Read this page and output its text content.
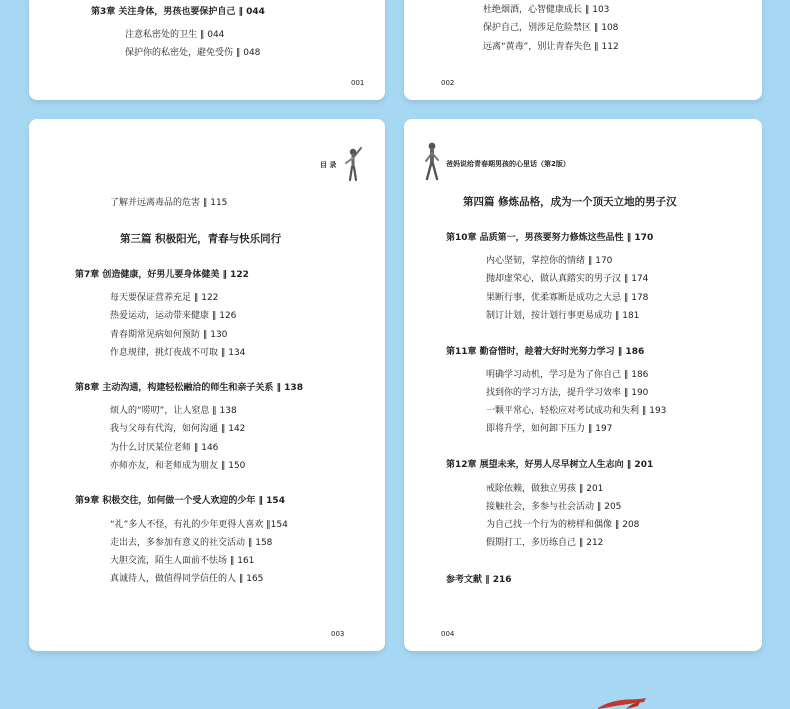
第3章 关注身体，男孩也要保护自己 ‖ 044
注意私密处的卫生 ‖ 044
保护你的私密处，避免受伤 ‖ 048
001
杜绝烟酒，心智健康成长 ‖ 103
保护自己，别涉足危险禁区 ‖ 108
远离“黄毒”，别让青春失色 ‖ 112
002
目 录
了解并远离毒品的危害 ‖ 115
第三篇 积极阳光，青春与快乐同行
第7章 创造健康，好男儿要身体健美 ‖ 122
每天要保证营养充足 ‖ 122
热爱运动，运动带来健康 ‖ 126
青春期常见病如何预防 ‖ 130
作息规律，挑灯夜战不可取 ‖ 134
第8章 主动沟通，构建轻松融洽的师生和亲子关系 ‖ 138
烦人的“唠叨”，让人窒息 ‖ 138
我与父母有代沟，如何沟通 ‖ 142
为什么讨厌某位老师 ‖ 146
亦师亦友，和老师成为朋友 ‖ 150
第9章 积极交往，如何做一个受人欢迎的少年 ‖ 154
“礼”多人不怪，有礼的少年更得人喜欢 ‖154
走出去，多参加有意义的社交活动 ‖ 158
大胆交流，陌生人面前不怯场 ‖ 161
真诚待人，做值得同学信任的人 ‖ 165
003
爸妈说给青春期男孩的心里话（第2版）
第四篇 修炼品格，成为一个顶天立地的男子汉
第10章 品质第一，男孩要努力修炼这些品性 ‖ 170
内心坚韧，掌控你的情绪 ‖ 170
抛却虚荣心，做认真踏实的男子汉 ‖ 174
果断行事，优柔寡断是成功之大忌 ‖ 178
制订计划，按计划行事更易成功 ‖ 181
第11章 勤奋惜时，趁着大好时光努力学习 ‖ 186
明确学习动机，学习是为了你自己 ‖ 186
找到你的学习方法，提升学习效率 ‖ 190
一颗平常心，轻松应对考试成功和失利 ‖ 193
即将升学，如何卸下压力 ‖ 197
第12章 展望未来，好男人尽早树立人生志向 ‖ 201
戒除依赖，做独立男孩 ‖ 201
接触社会，多参与社会活动 ‖ 205
为自己找一个行为的榜样和偶像 ‖ 208
假期打工，多历练自己 ‖ 212
参考文献 ‖ 216
004
